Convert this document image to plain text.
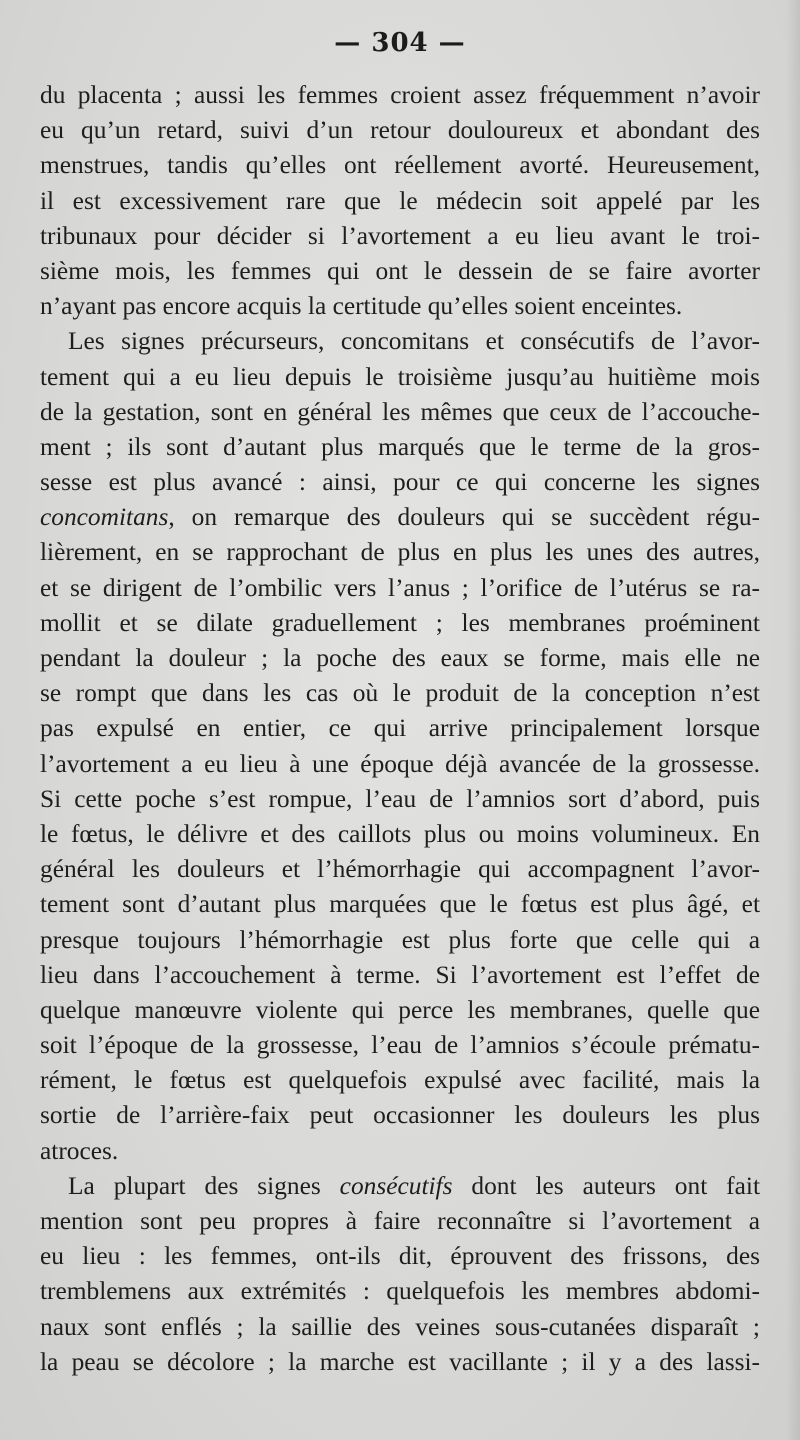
— 304 —
du placenta ; aussi les femmes croient assez fréquemment n’avoir
eu qu’un retard, suivi d’un retour douloureux et abondant des
menstrues, tandis qu’elles ont réellement avorté. Heureusement,
il est excessivement rare que le médecin soit appelé par les
tribunaux pour décider si l’avortement a eu lieu avant le troi-
sième mois, les femmes qui ont le dessein de se faire avorter
n’ayant pas encore acquis la certitude qu’elles soient enceintes.
Les signes précurseurs, concomitans et consécutifs de l’avor-
tement qui a eu lieu depuis le troisième jusqu’au huitième mois
de la gestation, sont en général les mêmes que ceux de l’accouche-
ment ; ils sont d’autant plus marqués que le terme de la gros-
sesse est plus avancé : ainsi, pour ce qui concerne les signes
concomitans, on remarque des douleurs qui se succèdent régu-
lièrement, en se rapprochant de plus en plus les unes des autres,
et se dirigent de l’ombilic vers l’anus ; l’orifice de l’utérus se ra-
mollit et se dilate graduellement ; les membranes proéminent
pendant la douleur ; la poche des eaux se forme, mais elle ne
se rompt que dans les cas où le produit de la conception n’est
pas expulsé en entier, ce qui arrive principalement lorsque
l’avortement a eu lieu à une époque déjà avancée de la grossesse.
Si cette poche s’est rompue, l’eau de l’amnios sort d’abord, puis
le fœtus, le délivre et des caillots plus ou moins volumineux. En
général les douleurs et l’hémorrhagie qui accompagnent l’avor-
tement sont d’autant plus marquées que le fœtus est plus âgé, et
presque toujours l’hémorrhagie est plus forte que celle qui a
lieu dans l’accouchement à terme. Si l’avortement est l’effet de
quelque manœuvre violente qui perce les membranes, quelle que
soit l’époque de la grossesse, l’eau de l’amnios s’écoule prématu-
rément, le fœtus est quelquefois expulsé avec facilité, mais la
sortie de l’arrière-faix peut occasionner les douleurs les plus
atroces.
La plupart des signes consécutifs dont les auteurs ont fait
mention sont peu propres à faire reconnaître si l’avortement a
eu lieu : les femmes, ont-ils dit, éprouvent des frissons, des
tremblemens aux extrémités : quelquefois les membres abdomi-
naux sont enflés ; la saillie des veines sous-cutanées disparaît ;
la peau se décolore ; la marche est vacillante ; il y a des lassi-
